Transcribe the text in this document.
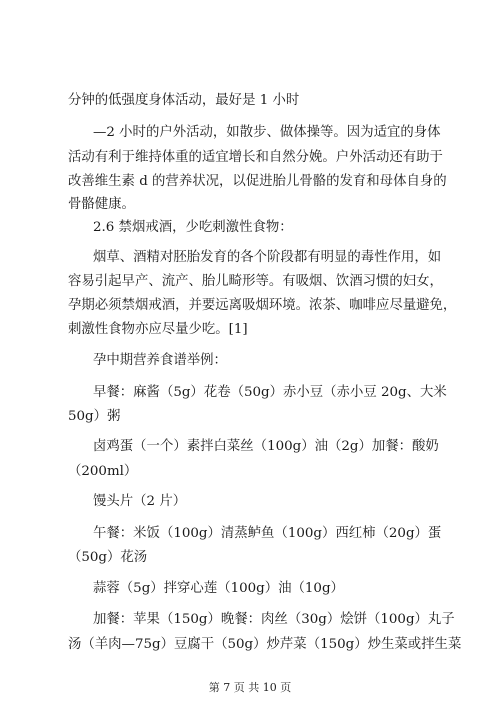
分钟的低强度身体活动，最好是 1 小时
—2 小时的户外活动，如散步、做体操等。因为适宜的身体
活动有利于维持体重的适宜增长和自然分娩。户外活动还有助于
改善维生素 d 的营养状况，以促进胎儿骨骼的发育和母体自身的
骨骼健康。
2.6 禁烟戒酒，少吃刺激性食物：
烟草、酒精对胚胎发育的各个阶段都有明显的毒性作用，如
容易引起早产、流产、胎儿畸形等。有吸烟、饮酒习惯的妇女，
孕期必须禁烟戒酒，并要远离吸烟环境。浓茶、咖啡应尽量避免，
刺激性食物亦应尽量少吃。[1]
孕中期营养食谱举例：
早餐：麻酱（5g）花卷（50g）赤小豆（赤小豆 20g、大米
50g）粥
卤鸡蛋（一个）素拌白菜丝（100g）油（2g）加餐：酸奶
（200ml）
馒头片（2 片）
午餐：米饭（100g）清蒸鲈鱼（100g）西红柿（20g）蛋
（50g）花汤
蒜蓉（5g）拌穿心莲（100g）油（10g）
加餐：苹果（150g）晚餐：肉丝（30g）烩饼（100g）丸子
汤（羊肉—75g）豆腐干（50g）炒芹菜（150g）炒生菜或拌生菜
第 7 页 共 10 页
